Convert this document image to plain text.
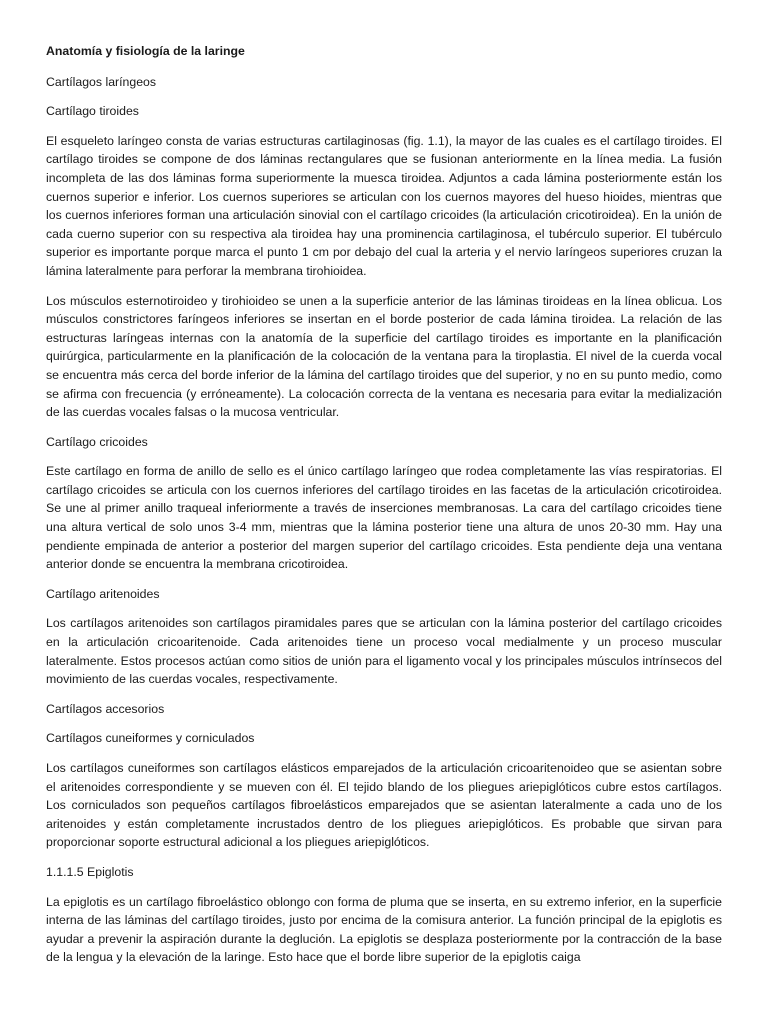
Anatomía y fisiología de la laringe
Cartílagos laríngeos
Cartílago tiroides
El esqueleto laríngeo consta de varias estructuras cartilaginosas (fig. 1.1), la mayor de las cuales es el cartílago tiroides. El cartílago tiroides se compone de dos láminas rectangulares que se fusionan anteriormente en la línea media. La fusión incompleta de las dos láminas forma superiormente la muesca tiroidea. Adjuntos a cada lámina posteriormente están los cuernos superior e inferior. Los cuernos superiores se articulan con los cuernos mayores del hueso hioides, mientras que los cuernos inferiores forman una articulación sinovial con el cartílago cricoides (la articulación cricotiroidea). En la unión de cada cuerno superior con su respectiva ala tiroidea hay una prominencia cartilaginosa, el tubérculo superior. El tubérculo superior es importante porque marca el punto 1 cm por debajo del cual la arteria y el nervio laríngeos superiores cruzan la lámina lateralmente para perforar la membrana tirohioidea.
Los músculos esternotiroideo y tirohioideo se unen a la superficie anterior de las láminas tiroideas en la línea oblicua. Los músculos constrictores faríngeos inferiores se insertan en el borde posterior de cada lámina tiroidea. La relación de las estructuras laríngeas internas con la anatomía de la superficie del cartílago tiroides es importante en la planificación quirúrgica, particularmente en la planificación de la colocación de la ventana para la tiroplastia. El nivel de la cuerda vocal se encuentra más cerca del borde inferior de la lámina del cartílago tiroides que del superior, y no en su punto medio, como se afirma con frecuencia (y erróneamente). La colocación correcta de la ventana es necesaria para evitar la medialización de las cuerdas vocales falsas o la mucosa ventricular.
Cartílago cricoides
Este cartílago en forma de anillo de sello es el único cartílago laríngeo que rodea completamente las vías respiratorias. El cartílago cricoides se articula con los cuernos inferiores del cartílago tiroides en las facetas de la articulación cricotiroidea. Se une al primer anillo traqueal inferiormente a través de inserciones membranosas. La cara del cartílago cricoides tiene una altura vertical de solo unos 3-4 mm, mientras que la lámina posterior tiene una altura de unos 20-30 mm. Hay una pendiente empinada de anterior a posterior del margen superior del cartílago cricoides. Esta pendiente deja una ventana anterior donde se encuentra la membrana cricotiroidea.
Cartílago aritenoides
Los cartílagos aritenoides son cartílagos piramidales pares que se articulan con la lámina posterior del cartílago cricoides en la articulación cricoaritenoide. Cada aritenoides tiene un proceso vocal medialmente y un proceso muscular lateralmente. Estos procesos actúan como sitios de unión para el ligamento vocal y los principales músculos intrínsecos del movimiento de las cuerdas vocales, respectivamente.
Cartílagos accesorios
Cartílagos cuneiformes y corniculados
Los cartílagos cuneiformes son cartílagos elásticos emparejados de la articulación cricoaritenoideo que se asientan sobre el aritenoides correspondiente y se mueven con él. El tejido blando de los pliegues ariepiglóticos cubre estos cartílagos. Los corniculados son pequeños cartílagos fibroelásticos emparejados que se asientan lateralmente a cada uno de los aritenoides y están completamente incrustados dentro de los pliegues ariepiglóticos. Es probable que sirvan para proporcionar soporte estructural adicional a los pliegues ariepiglóticos.
1.1.1.5 Epiglotis
La epiglotis es un cartílago fibroelástico oblongo con forma de pluma que se inserta, en su extremo inferior, en la superficie interna de las láminas del cartílago tiroides, justo por encima de la comisura anterior. La función principal de la epiglotis es ayudar a prevenir la aspiración durante la deglución. La epiglotis se desplaza posteriormente por la contracción de la base de la lengua y la elevación de la laringe. Esto hace que el borde libre superior de la epiglotis caiga
